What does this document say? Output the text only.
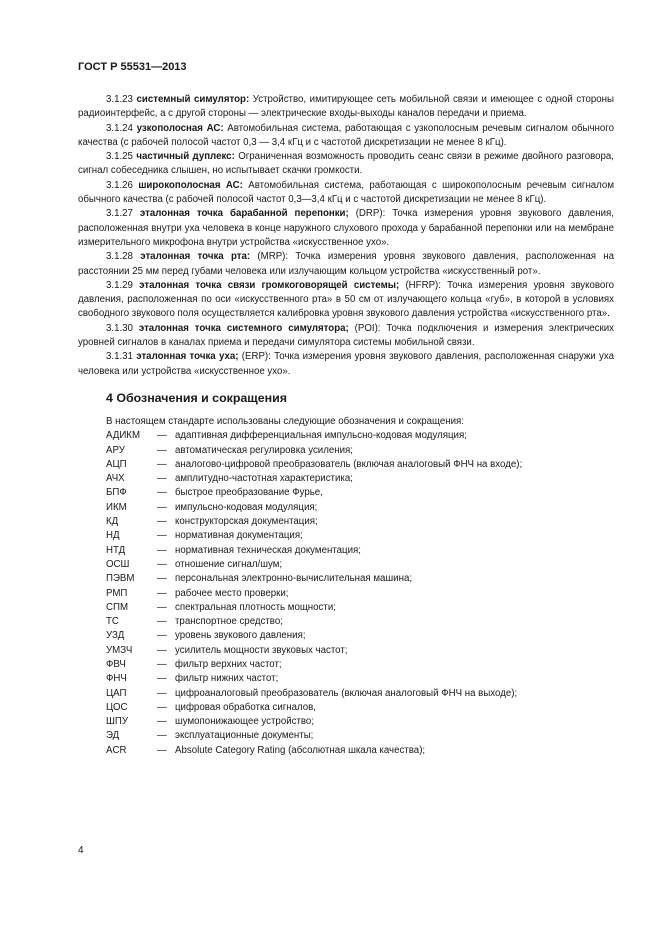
ГОСТ Р 55531—2013

3.1.23 системный симулятор: Устройство, имитирующее сеть мобильной связи и имеющее с одной стороны радиоинтерфейс, а с другой стороны — электрические входы-выходы каналов передачи и приема.

3.1.24 узкополосная АС: Автомобильная система, работающая с узкополосным речевым сигналом обычного качества (с рабочей полосой частот 0,3 — 3,4 кГц и с частотой дискретизации не менее 8 кГц).

3.1.25 частичный дуплекс: Ограниченная возможность проводить сеанс связи в режиме двойного разговора, сигнал собеседника слышен, но испытывает скачки громкости.

3.1.26 широкополосная АС: Автомобильная система, работающая с широкополосным речевым сигналом обычного качества (с рабочей полосой частот 0,3—3,4 кГц и с частотой дискретизации не менее 8 кГц).

3.1.27 эталонная точка барабанной перепонки; (DRP): Точка измерения уровня звукового давления, расположенная внутри уха человека в конце наружного слухового прохода у барабанной перепонки или на мембране измерительного микрофона внутри устройства «искусственное ухо».

3.1.28 эталонная точка рта: (MRP): Точка измерения уровня звукового давления, расположенная на расстоянии 25 мм перед губами человека или излучающим кольцом устройства «искусственный рот».

3.1.29 эталонная точка связи громкоговорящей системы; (HFRP): Точка измерения уровня звукового давления, расположенная по оси «искусственного рта» в 50 см от излучающего кольца «губ», в которой в условиях свободного звукового поля осуществляется калибровка уровня звукового давления устройства «искусственного рта».

3.1.30 эталонная точка системного симулятора; (POI): Точка подключения и измерения электрических уровней сигналов в каналах приема и передачи симулятора системы мобильной связи.

3.1.31 эталонная точка уха; (ERP): Точка измерения уровня звукового давления, расположенная снаружи уха человека или устройства «искусственное ухо».

4 Обозначения и сокращения

В настоящем стандарте использованы следующие обозначения и сокращения:

АДИКМ	— адаптивная дифференциальная импульсно-кодовая модуляция;
АРУ	— автоматическая регулировка усиления;
АЦП	— аналогово-цифровой преобразователь (включая аналоговый ФНЧ на входе);
АЧХ	— амплитудно-частотная характеристика;
БПФ	— быстрое преобразование Фурье,
ИКМ	— импульсно-кодовая модуляция;
КД	— конструкторская документация;
НД	— нормативная документация;
НТД	— нормативная техническая документация;
ОСШ	— отношение сигнал/шум;
ПЭВМ	— персональная электронно-вычислительная машина;
РМП	— рабочее место проверки;
СПМ	— спектральная плотность мощности;
ТС	— транспортное средство;
УЗД	— уровень звукового давления;
УМЗЧ	— усилитель мощности звуковых частот;
ФВЧ	— фильтр верхних частот;
ФНЧ	— фильтр нижних частот;
ЦАП	— цифроаналоговый преобразователь (включая аналоговый ФНЧ на выходе);
ЦОС	— цифровая обработка сигналов,
ШПУ	— шумопонижающее устройство;
ЭД	— эксплуатационные документы;
ACR	— Absolute Category Rating (абсолютная шкала качества);
4
